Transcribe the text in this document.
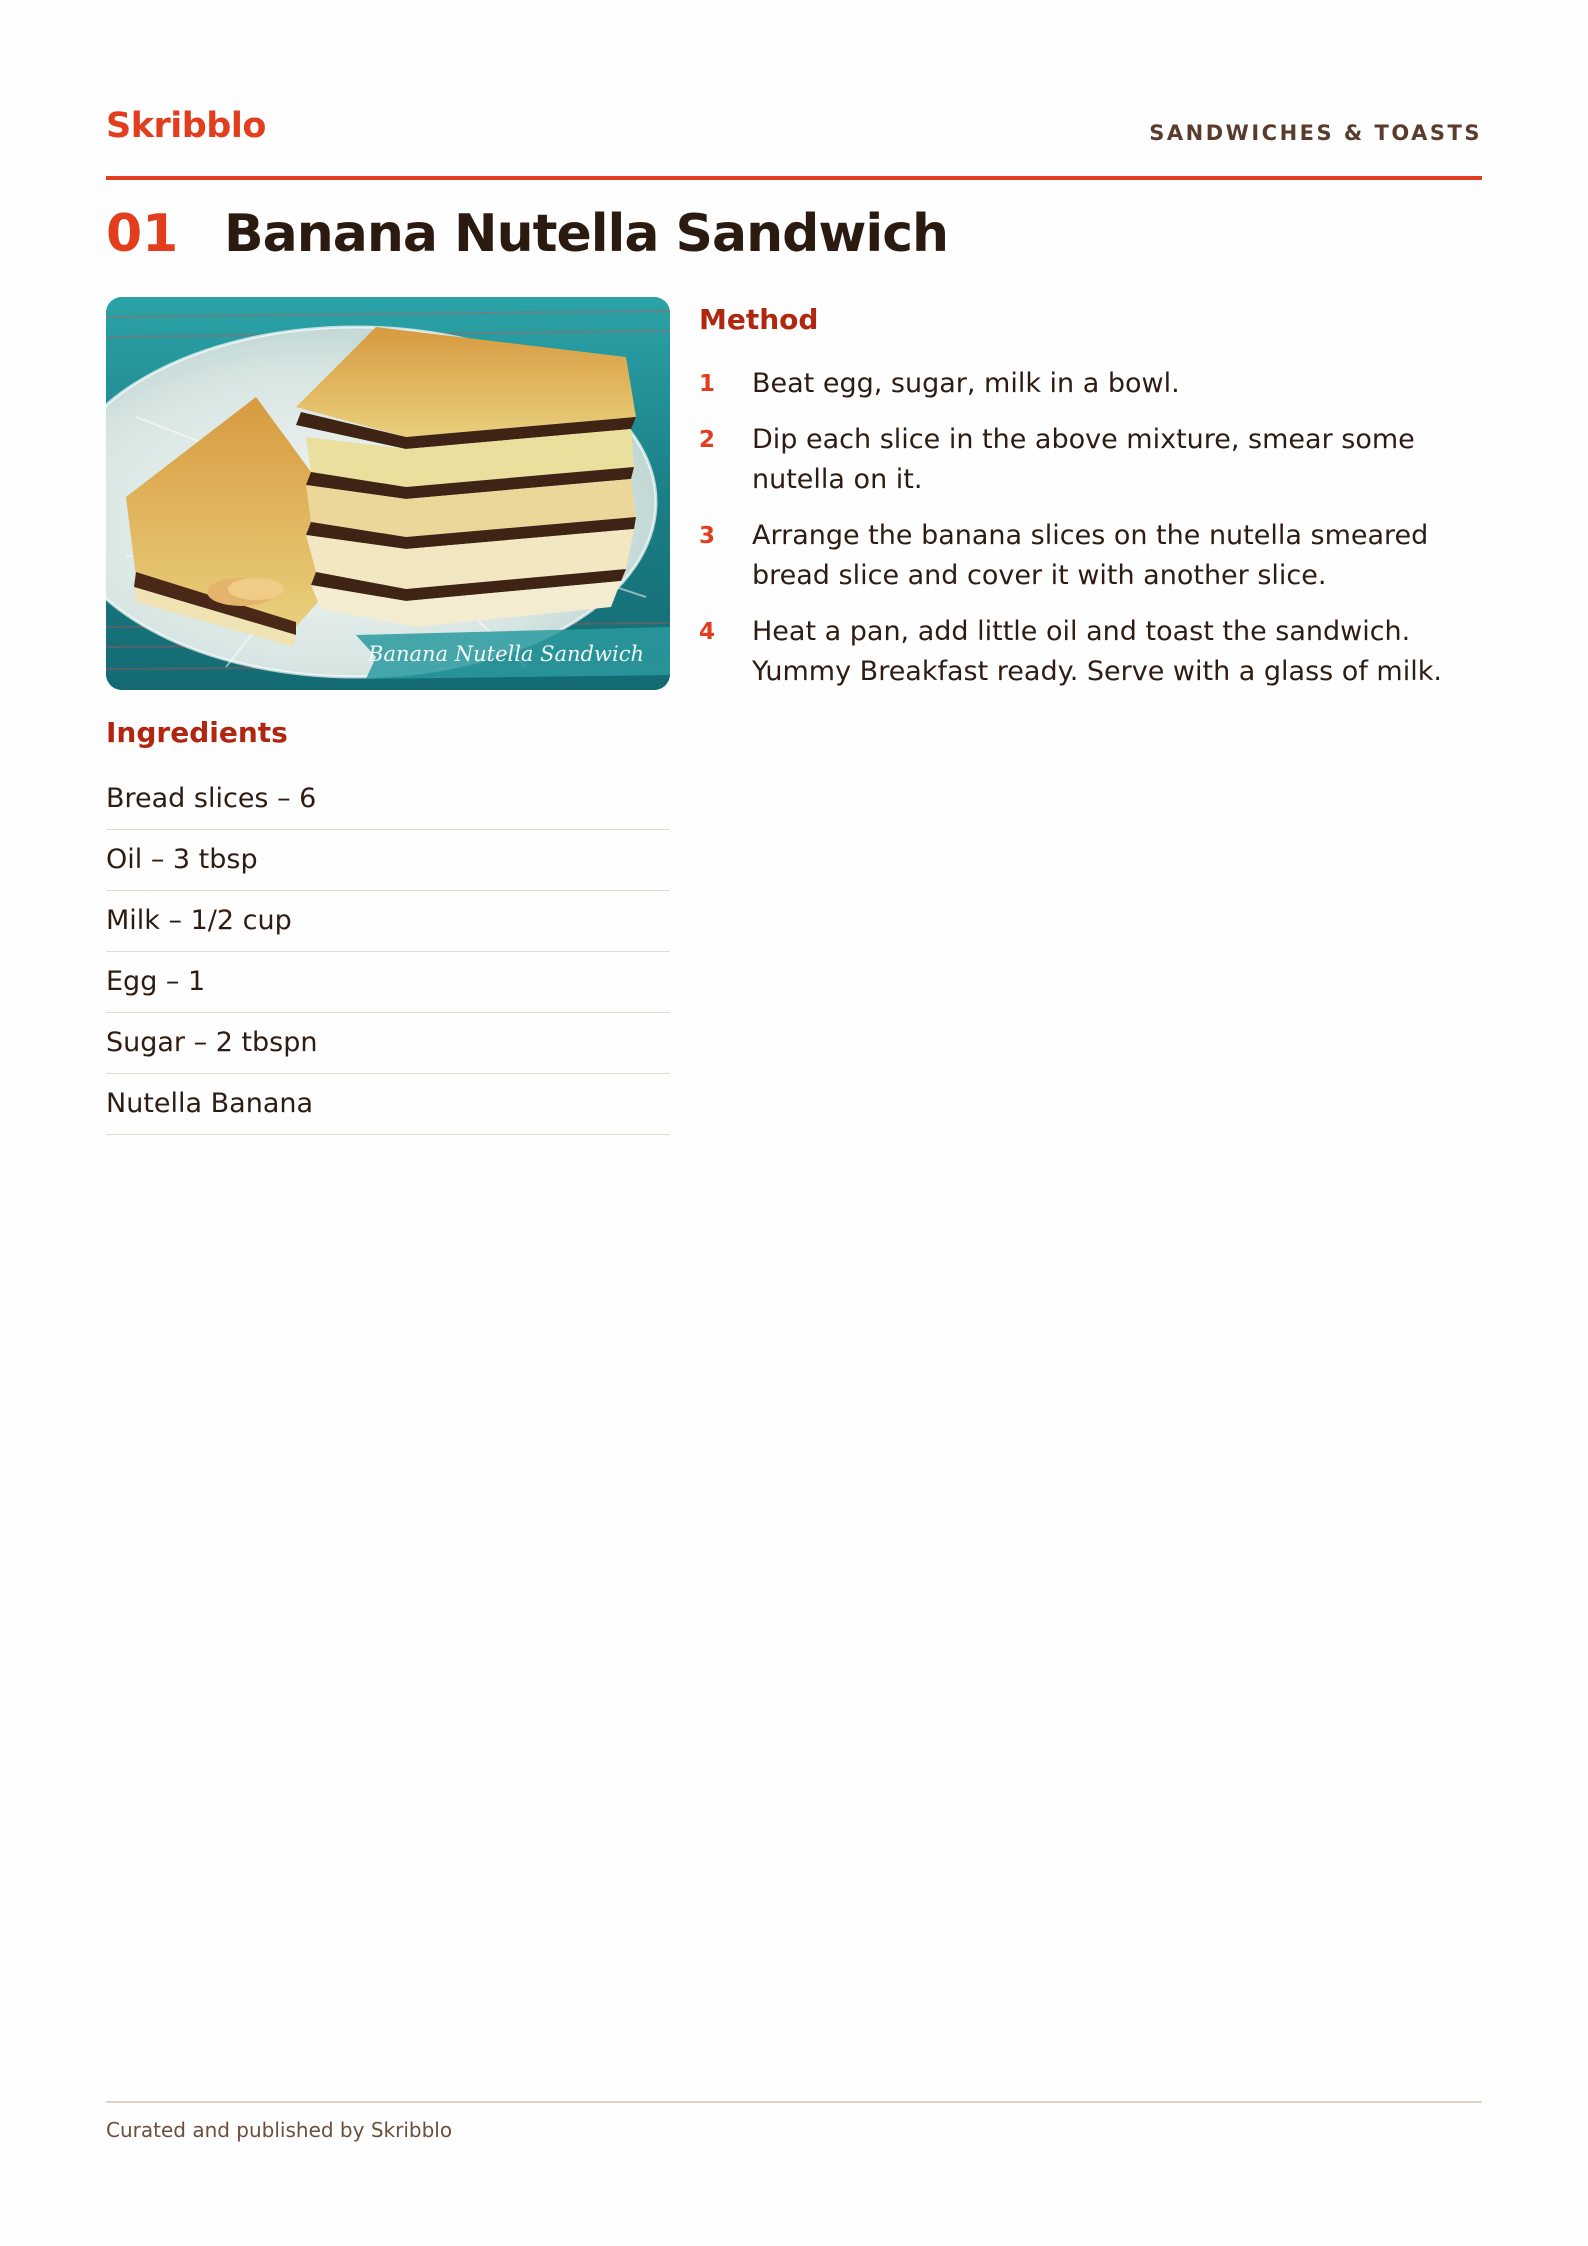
Skribblo	SANDWICHES & TOASTS
01 Banana Nutella Sandwich
Banana Nutella Sandwich
Ingredients
Bread slices – 6
Oil – 3 tbsp
Milk – 1/2 cup
Egg – 1
Sugar – 2 tbspn
Nutella Banana
Method
1 Beat egg, sugar, milk in a bowl.
2 Dip each slice in the above mixture, smear some nutella on it.
3 Arrange the banana slices on the nutella smeared bread slice and cover it with another slice.
4 Heat a pan, add little oil and toast the sandwich. Yummy Breakfast ready. Serve with a glass of milk.
Curated and published by Skribblo
